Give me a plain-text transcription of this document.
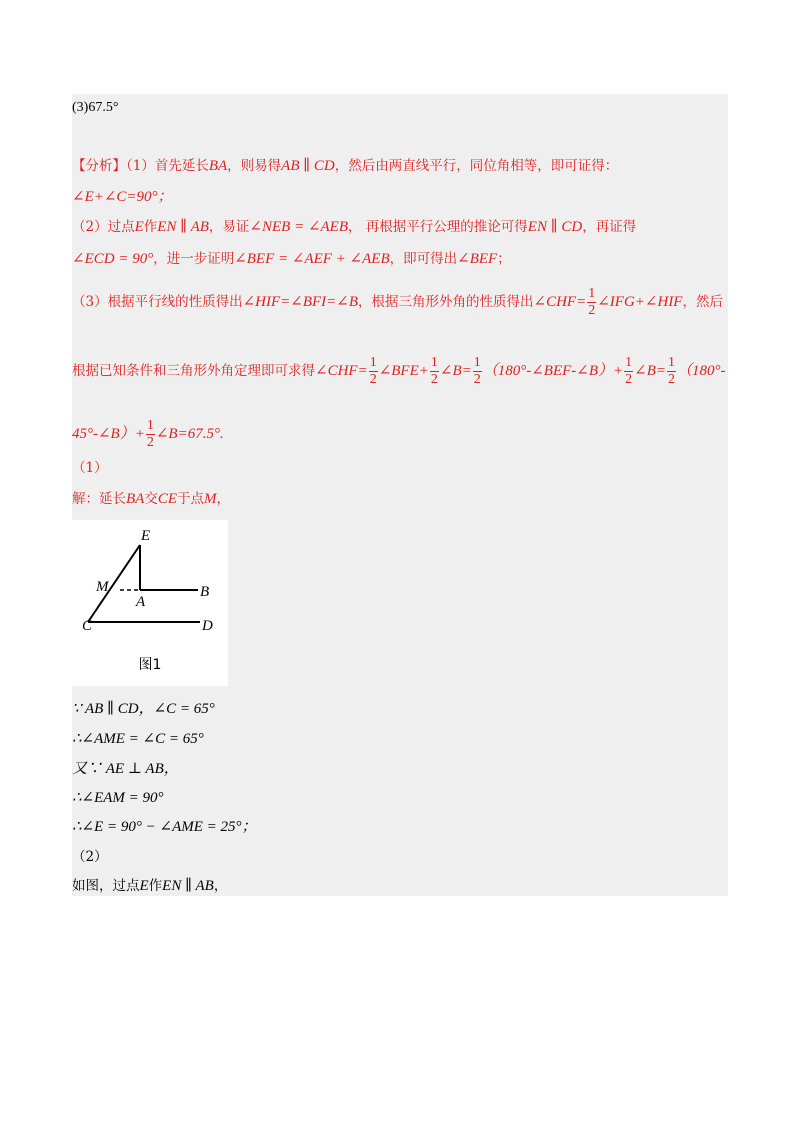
(3)67.5°
【分析】（1）首先延长BA，则易得AB ∥ CD，然后由两直线平行，同位角相等，即可证得：
∠E+∠C=90°；
（2）过点E作EN ∥ AB，易证∠NEB = ∠AEB， 再根据平行公理的推论可得EN ∥ CD，再证得
∠ECD = 90°，进一步证明∠BEF = ∠AEF + ∠AEB，即可得出∠BEF；
（3）根据平行线的性质得出∠HIF=∠BFI=∠B，根据三角形外角的性质得出∠CHF= $\frac{1}{2}$ ∠IFG+∠HIF，然后
根据已知条件和三角形外角定理即可求得∠CHF= $\frac{1}{2}$ ∠BFE+ $\frac{1}{2}$ ∠B= $\frac{1}{2}$ （180°-∠BEF-∠B）+ $\frac{1}{2}$ ∠B= $\frac{1}{2} (180^\circ-$
45°-∠B）+ $\frac{1}{2}$ ∠B=67.5°.
（1）
解：延长BA交CE于点M，
E
M
A
B
C	D
图1
∵ AB ∥ CD，∠C = 65°
∴∠AME = ∠C = 65°
又∵ AE ⊥ AB，
∴∠EAM = 90°
∴∠E = 90° − ∠AME = 25°；
（2）
如图，过点E作EN ∥ AB，
